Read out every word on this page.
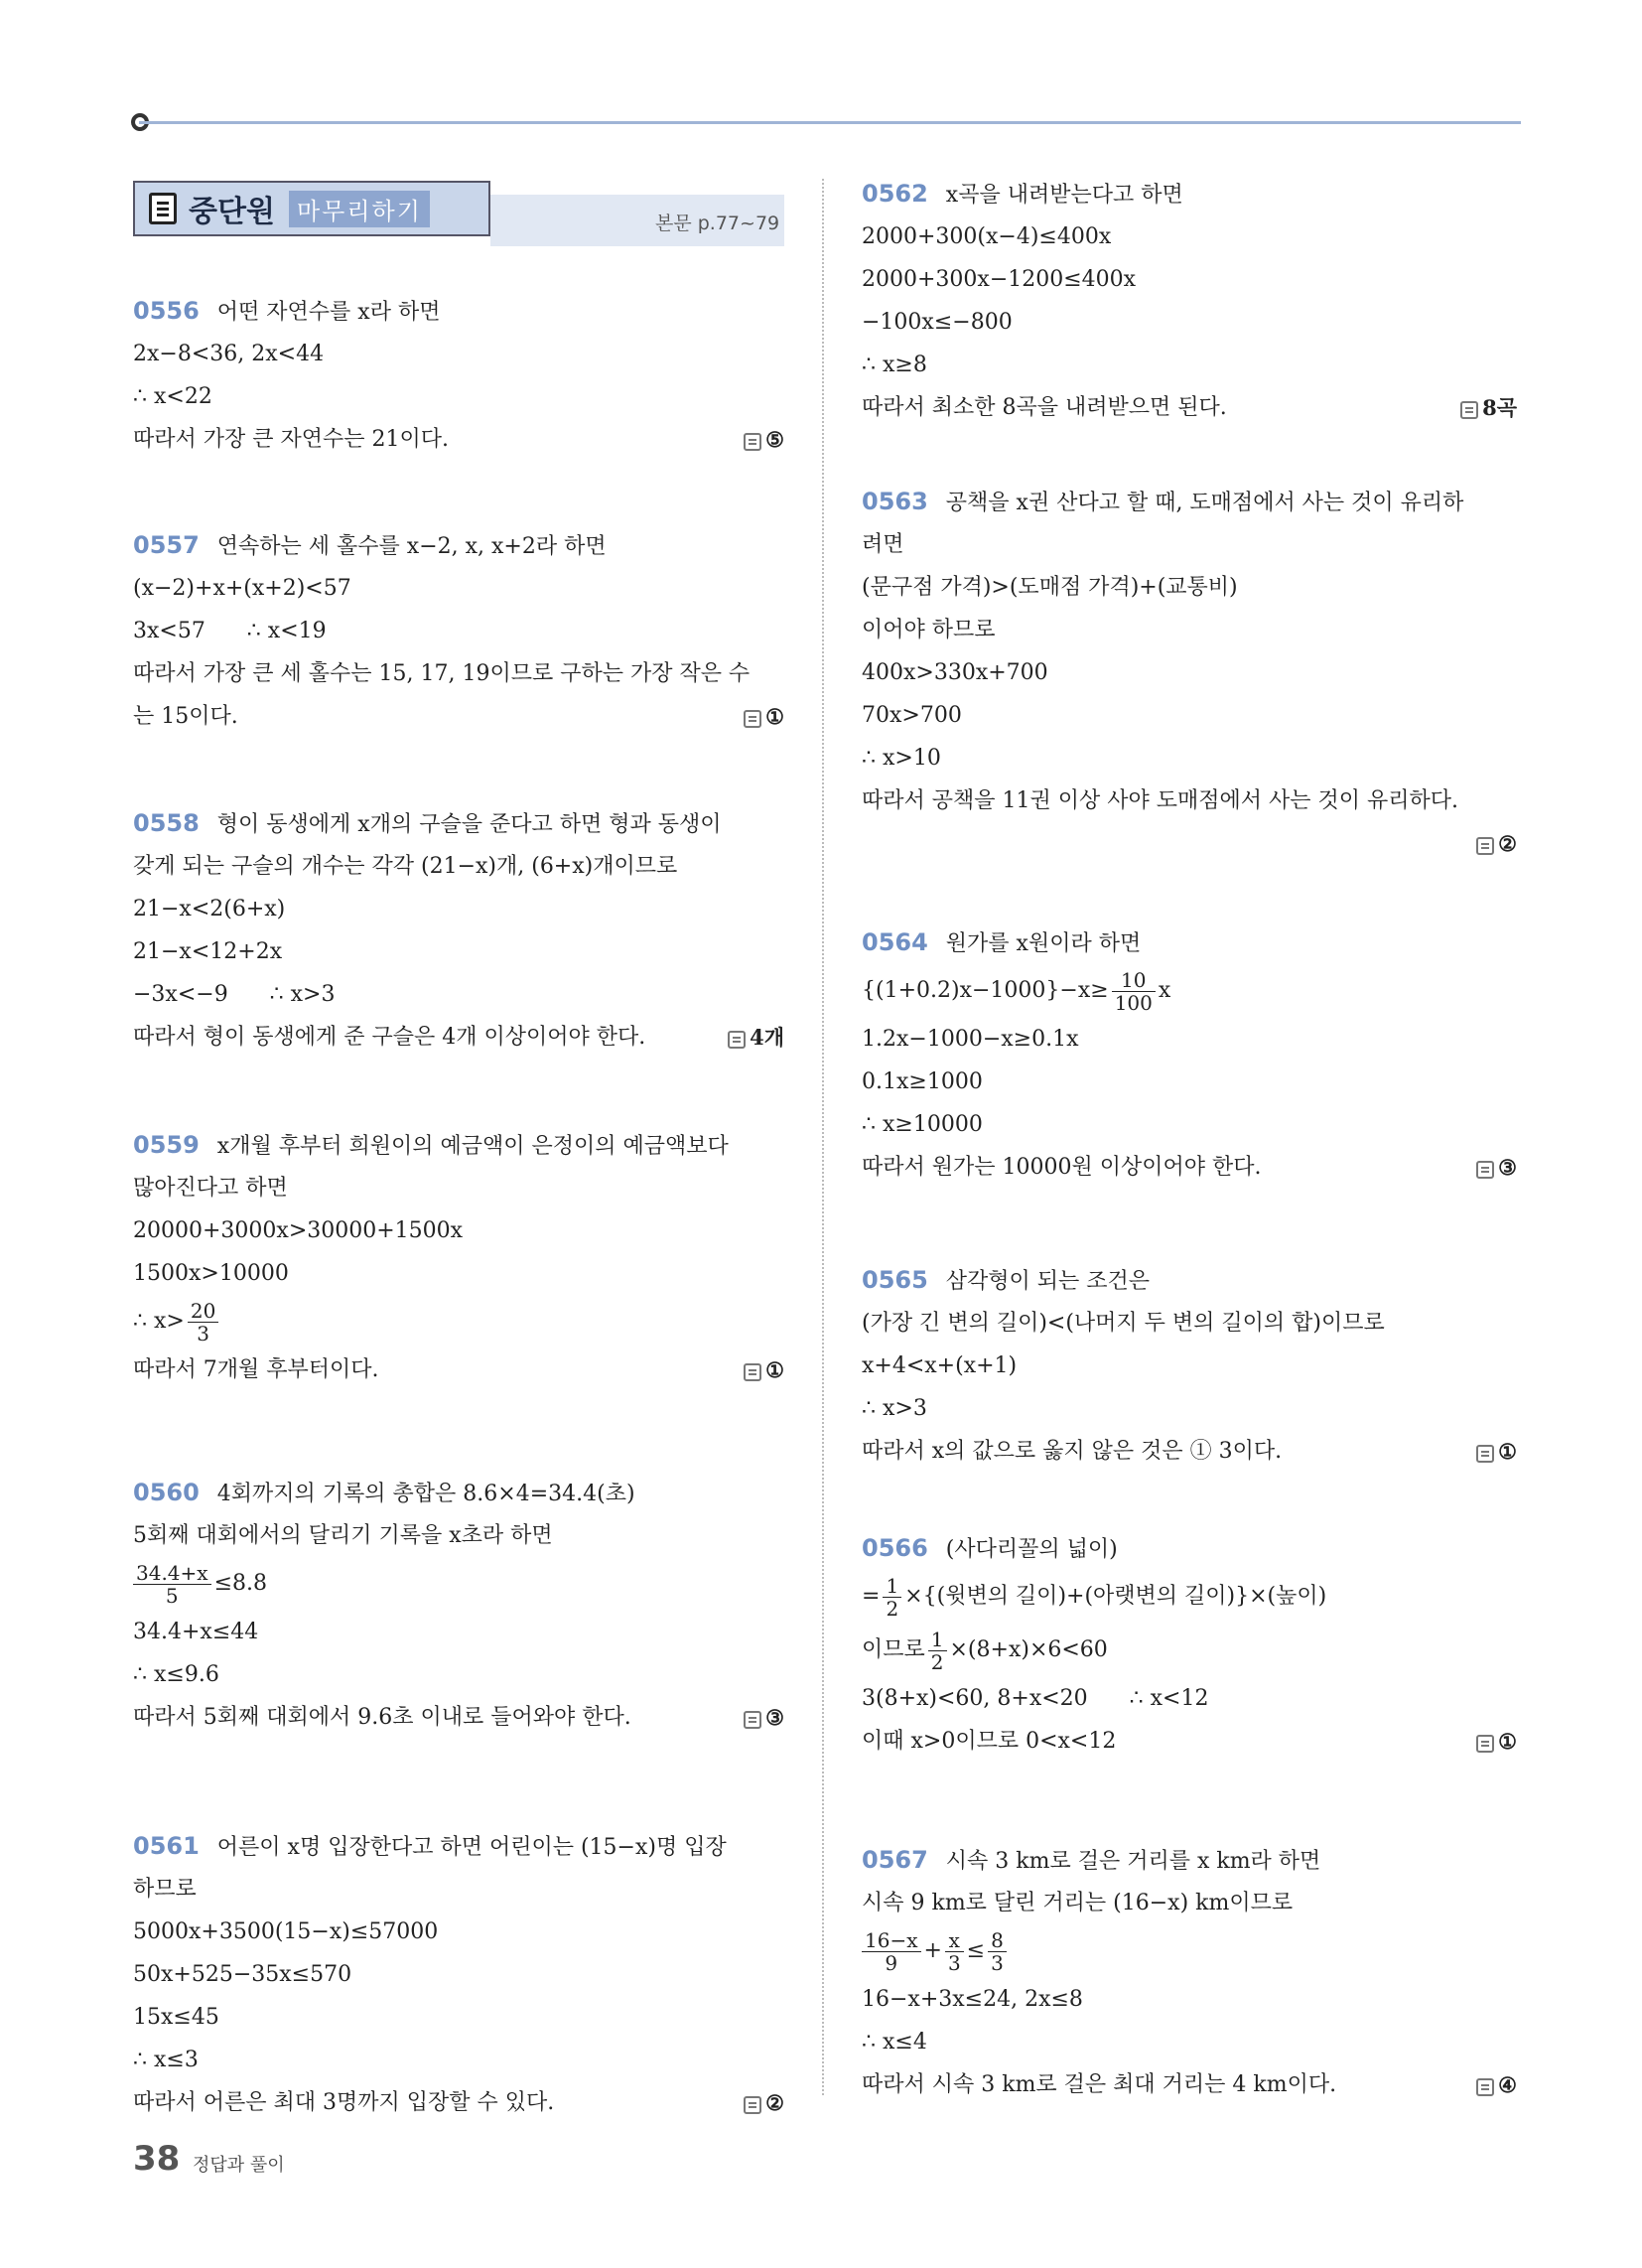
중단원 마무리하기	본문 p.77~79
0556 어떤 자연수를 x라 하면
2x−8<36, 2x<44
∴ x<22
따라서 가장 큰 자연수는 21이다.	⑤
0557 연속하는 세 홀수를 x−2, x, x+2라 하면
(x−2)+x+(x+2)<57
3x<57      ∴ x<19
따라서 가장 큰 세 홀수는 15, 17, 19이므로 구하는 가장 작은 수
는 15이다.	①
0558 형이 동생에게 x개의 구슬을 준다고 하면 형과 동생이
갖게 되는 구슬의 개수는 각각 (21−x)개, (6+x)개이므로
21−x<2(6+x)
21−x<12+2x
−3x<−9      ∴ x>3
따라서 형이 동생에게 준 구슬은 4개 이상이어야 한다.	4개
0559 x개월 후부터 희원이의 예금액이 은정이의 예금액보다
많아진다고 하면
20000+3000x>30000+1500x
1500x>10000
∴ $x> \frac{20}{3}$
따라서 7개월 후부터이다.	①
0560 4회까지의 기록의 총합은 8.6×4=34.4(초)
5회째 대회에서의 달리기 기록을 x초라 하면
$\frac{34.4+x}{5} \le 8.8$
34.4+x≤44
∴ x≤9.6
따라서 5회째 대회에서 9.6초 이내로 들어와야 한다.	③
0561 어른이 x명 입장한다고 하면 어린이는 (15−x)명 입장
하므로
5000x+3500(15−x)≤57000
50x+525−35x≤570
15x≤45
∴ x≤3
따라서 어른은 최대 3명까지 입장할 수 있다.	②
0562 x곡을 내려받는다고 하면
2000+300(x−4)≤400x
2000+300x−1200≤400x
−100x≤−800
∴ x≥8
따라서 최소한 8곡을 내려받으면 된다.	8곡
0563 공책을 x권 산다고 할 때, 도매점에서 사는 것이 유리하
려면
(문구점 가격)>(도매점 가격)+(교통비)
이어야 하므로
400x>330x+700
70x>700
∴ x>10
따라서 공책을 11권 이상 사야 도매점에서 사는 것이 유리하다.
②
0564 원가를 x원이라 하면
$\{(1+0.2)x-1000\}-x\ge \frac{10}{100}$ x
1.2x−1000−x≥0.1x
0.1x≥1000
∴ x≥10000
따라서 원가는 10000원 이상이어야 한다.	③
0565 삼각형이 되는 조건은
(가장 긴 변의 길이)<(나머지 두 변의 길이의 합)이므로
x+4<x+(x+1)
∴ x>3
따라서 x의 값으로 옳지 않은 것은 ① 3이다.	①
0566 (사다리꼴의 넓이)
= $\frac{1}{2}$ ×{(윗변의 길이)+(아랫변의 길이)}×(높이)
이므로 $\frac{1}{2} \times(8+x)\times 6<60$
3(8+x)<60, 8+x<20      ∴ x<12
이때 x>0이므로 0<x<12	①
0567 시속 3 km로 걸은 거리를 x km라 하면
시속 9 km로 달린 거리는 (16−x) km이므로
$\frac{16-x}{9} + \frac{x}{3} \le \frac{8}{3}$
16−x+3x≤24, 2x≤8
∴ x≤4
따라서 시속 3 km로 걸은 최대 거리는 4 km이다.	④
38 정답과 풀이
